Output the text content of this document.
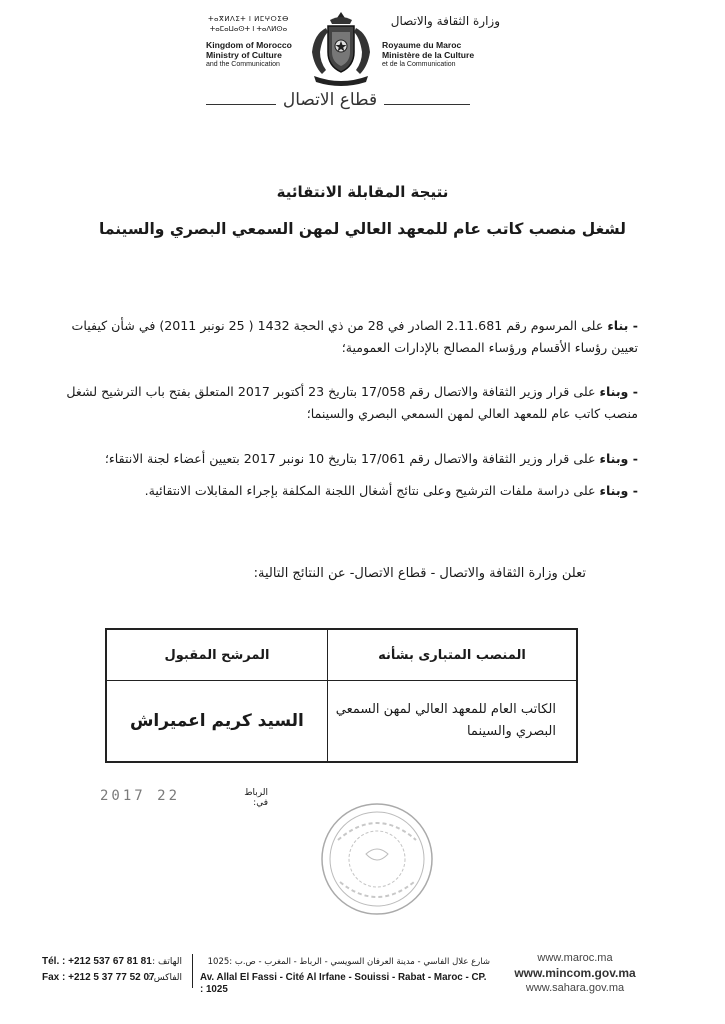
ⵜⴰⴳⵍⴷⵉⵜ ⵏ ⵍⵎⵖⵔⵉⴱ
ⵜⴰⵎⴰⵡⴰⵙⵜ ⵏ ⵜⴰⴷⵍⵙⴰ
Kingdom of Morocco
Ministry of Culture
and the Communication
وزارة الثقافة والاتصال
Royaume du Maroc
Ministère de la Culture
et de la Communication
قطاع الاتصال
نتيجة المقابلة الانتقائية
لشغل منصب كاتب عام للمعهد العالي لمهن السمعي البصري والسينما
- بناء على المرسوم رقم 2.11.681 الصادر في 28 من ذي الحجة 1432 ( 25 نونبر 2011) في شأن كيفيات تعيين رؤساء الأقسام ورؤساء المصالح بالإدارات العمومية؛
- وبناء على قرار وزير الثقافة والاتصال رقم 17/058 بتاريخ 23 أكتوبر 2017 المتعلق بفتح باب الترشيح لشغل منصب كاتب عام للمعهد العالي لمهن السمعي البصري والسينما؛
- وبناء على قرار وزير الثقافة والاتصال رقم 17/061 بتاريخ 10 نونبر 2017 بتعيين أعضاء لجنة الانتقاء؛
- وبناء على دراسة ملفات الترشيح وعلى نتائج أشغال اللجنة المكلفة بإجراء المقابلات الانتقائية.
تعلن وزارة الثقافة والاتصال - قطاع الاتصال- عن النتائج التالية:
المنصب المتبارى بشأنه	المرشح المقبول

الكاتب العام للمعهد العالي لمهن السمعي
البصري والسينما	السيد كريم اعميراش
الرباط في:
2017 22
Tél. : +212 537 67 81 81
Fax : +212 5 37 77 52 07
الهاتف :
الفاكس :
شارع علال الفاسي - مدينة العرفان السويسي - الرباط - المغرب - ص.ب :1025
Av. Allal El Fassi - Cité Al Irfane - Souissi - Rabat - Maroc - CP. : 1025
www.maroc.ma
www.mincom.gov.ma
www.sahara.gov.ma
